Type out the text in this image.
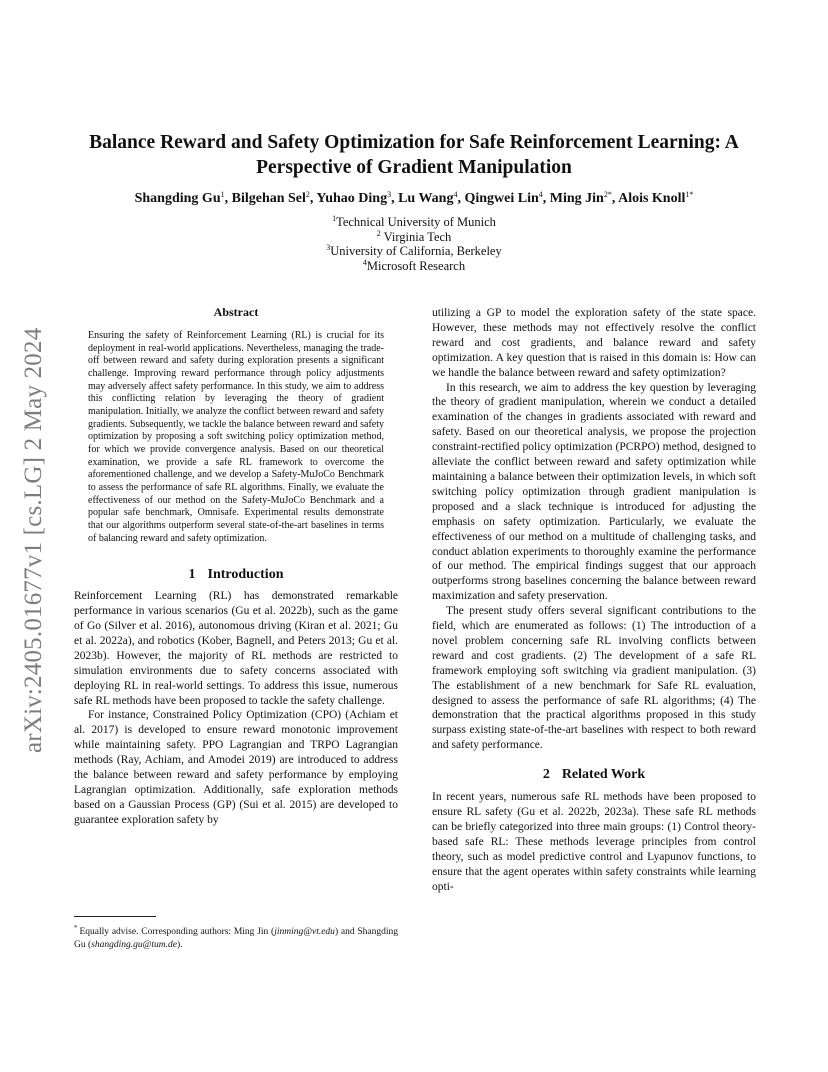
arXiv:2405.01677v1 [cs.LG] 2 May 2024
Balance Reward and Safety Optimization for Safe Reinforcement Learning: A
Perspective of Gradient Manipulation
Shangding Gu$^1$, Bilgehan Sel$^2$, Yuhao Ding$^3$, Lu Wang$^4$, Qingwei Lin$^4$, Ming Jin$^{2*}$, Alois Knoll$^{1*}$
$^1$Technical University of Munich
$^2$ Virginia Tech
$^3$University of California, Berkeley
$^4$Microsoft Research
Abstract

Ensuring the safety of Reinforcement Learning (RL) is crucial for its deployment in real-world applications. Nevertheless, managing the trade-off between reward and safety during exploration presents a significant challenge. Improving reward performance through policy adjustments may adversely affect safety performance. In this study, we aim to address this conflicting relation by leveraging the theory of gradient manipulation. Initially, we analyze the conflict between reward and safety gradients. Subsequently, we tackle the balance between reward and safety optimization by proposing a soft switching policy optimization method, for which we provide convergence analysis. Based on our theoretical examination, we provide a safe RL framework to overcome the aforementioned challenge, and we develop a Safety-MuJoCo Benchmark to assess the performance of safe RL algorithms. Finally, we evaluate the effectiveness of our method on the Safety-MuJoCo Benchmark and a popular safe benchmark, Omnisafe. Experimental results demonstrate that our algorithms outperform several state-of-the-art baselines in terms of balancing reward and safety optimization.

1 Introduction

Reinforcement Learning (RL) has demonstrated remarkable performance in various scenarios (Gu et al. 2022b), such as the game of Go (Silver et al. 2016), autonomous driving (Kiran et al. 2021; Gu et al. 2022a), and robotics (Kober, Bagnell, and Peters 2013; Gu et al. 2023b). However, the majority of RL methods are restricted to simulation environments due to safety concerns associated with deploying RL in real-world settings. To address this issue, numerous safe RL methods have been proposed to tackle the safety challenge.

For instance, Constrained Policy Optimization (CPO) (Achiam et al. 2017) is developed to ensure reward monotonic improvement while maintaining safety. PPO Lagrangian and TRPO Lagrangian methods (Ray, Achiam, and Amodei 2019) are introduced to address the balance between reward and safety performance by employing Lagrangian optimization. Additionally, safe exploration methods based on a Gaussian Process (GP) (Sui et al. 2015) are developed to guarantee exploration safety by

* Equally advise. Corresponding authors: Ming Jin (jinming@vt.edu) and Shangding Gu (shangding.gu@tum.de).

utilizing a GP to model the exploration safety of the state space. However, these methods may not effectively resolve the conflict reward and cost gradients, and balance reward and safety optimization. A key question that is raised in this domain is: How can we handle the balance between reward and safety optimization?

In this research, we aim to address the key question by leveraging the theory of gradient manipulation, wherein we conduct a detailed examination of the changes in gradients associated with reward and safety. Based on our theoretical analysis, we propose the projection constraint-rectified policy optimization (PCRPO) method, designed to alleviate the conflict between reward and safety optimization while maintaining a balance between their optimization levels, in which soft switching policy optimization through gradient manipulation is proposed and a slack technique is introduced for adjusting the emphasis on safety optimization. Particularly, we evaluate the effectiveness of our method on a multitude of challenging tasks, and conduct ablation experiments to thoroughly examine the performance of our method. The empirical findings suggest that our approach outperforms strong baselines concerning the balance between reward maximization and safety preservation.

The present study offers several significant contributions to the field, which are enumerated as follows: (1) The introduction of a novel problem concerning safe RL involving conflicts between reward and cost gradients. (2) The development of a safe RL framework employing soft switching via gradient manipulation. (3) The establishment of a new benchmark for Safe RL evaluation, designed to assess the performance of safe RL algorithms; (4) The demonstration that the practical algorithms proposed in this study surpass existing state-of-the-art baselines with respect to both reward and safety performance.

2 Related Work

In recent years, numerous safe RL methods have been proposed to ensure RL safety (Gu et al. 2022b, 2023a). These safe RL methods can be briefly categorized into three main groups: (1) Control theory-based safe RL: These methods leverage principles from control theory, such as model predictive control and Lyapunov functions, to ensure that the agent operates within safety constraints while learning opti-
